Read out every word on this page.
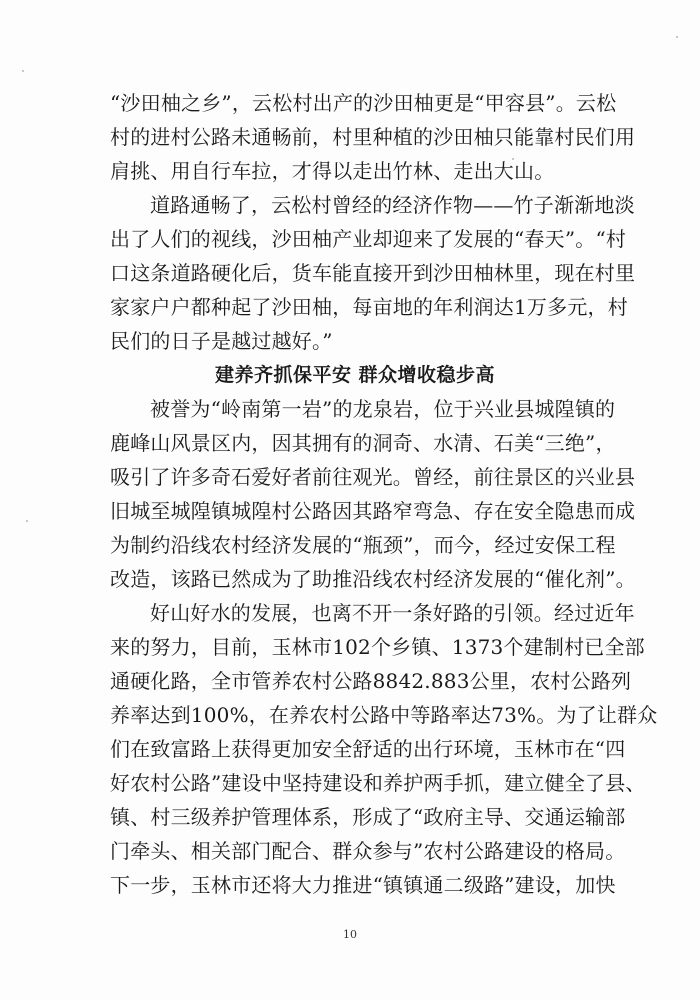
“沙田柚之乡”，云松村出产的沙田柚更是“甲容县”。云松
村的进村公路未通畅前，村里种植的沙田柚只能靠村民们用
肩挑、用自行车拉，才得以走出竹林、走出大山。
道路通畅了，云松村曾经的经济作物——竹子渐渐地淡
出了人们的视线，沙田柚产业却迎来了发展的“春天”。“村
口这条道路硬化后，货车能直接开到沙田柚林里，现在村里
家家户户都种起了沙田柚，每亩地的年利润达1万多元，村
民们的日子是越过越好。”
建养齐抓保平安 群众增收稳步高
被誉为“岭南第一岩”的龙泉岩，位于兴业县城隍镇的
鹿峰山风景区内，因其拥有的洞奇、水清、石美“三绝”，
吸引了许多奇石爱好者前往观光。曾经，前往景区的兴业县
旧城至城隍镇城隍村公路因其路窄弯急、存在安全隐患而成
为制约沿线农村经济发展的“瓶颈”，而今，经过安保工程
改造，该路已然成为了助推沿线农村经济发展的“催化剂”。
好山好水的发展，也离不开一条好路的引领。经过近年
来的努力，目前，玉林市102个乡镇、1373个建制村已全部
通硬化路，全市管养农村公路8842.883公里，农村公路列
养率达到100%，在养农村公路中等路率达73%。为了让群众
们在致富路上获得更加安全舒适的出行环境，玉林市在“四
好农村公路”建设中坚持建设和养护两手抓，建立健全了县、
镇、村三级养护管理体系，形成了“政府主导、交通运输部
门牵头、相关部门配合、群众参与”农村公路建设的格局。
下一步，玉林市还将大力推进“镇镇通二级路”建设，加快
10
